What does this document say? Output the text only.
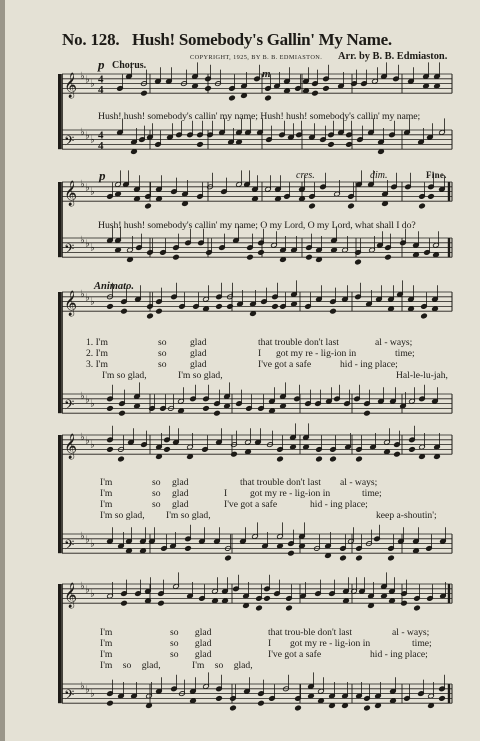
No. 128. Hush! Somebody's Gallin' My Name.
COPYRIGHT, 1925, BY B. B. EDMIASTON. Arr. by B. B. Edmiaston.
p Chorus.
m
p	cres.	dim.	Fine.
Animato.
Hush! hush! somebody's callin' my name; Hush! hush! somebody's callin' my name;
Hush! hush! somebody's callin' my name; O my Lord, O my Lord, what shall I do?
1. I'm	so glad	that trouble don't last	al - ways;
2. I'm	so glad	I got my re - lig-ion in	time;
3. I'm	so glad	I've got a safe	hid - ing place;
I'm so glad,	I'm so glad,	Hal-le-lu-jah,
I'm	so glad	that trouble don't last al - ways;
I'm	so glad	I got my re - lig-ion in	time;
I'm	so glad	I've got a safe	hid - ing place;
I'm so glad, I'm so glad,	keep a-shoutin';
I'm	so glad	that trou-ble don't last	al - ways;
I'm	so glad	I got my re - lig-ion in	time;
I'm	so glad	I've got a safe	hid - ing place;
I'm so glad,	I'm so glad,
𝄞 ♭ ♭ ♭ 4
4
𝄢
♭ ♭ ♭ 4
4
𝄞 ♭ ♭ ♭
𝄢
♭ ♭ ♭
𝄞 ♭ ♭ ♭
𝄢
♭ ♭ ♭
𝄞 ♭ ♭ ♭
𝄢
♭ ♭ ♭
𝄞 ♭ ♭ ♭
𝄢
♭ ♭ ♭
